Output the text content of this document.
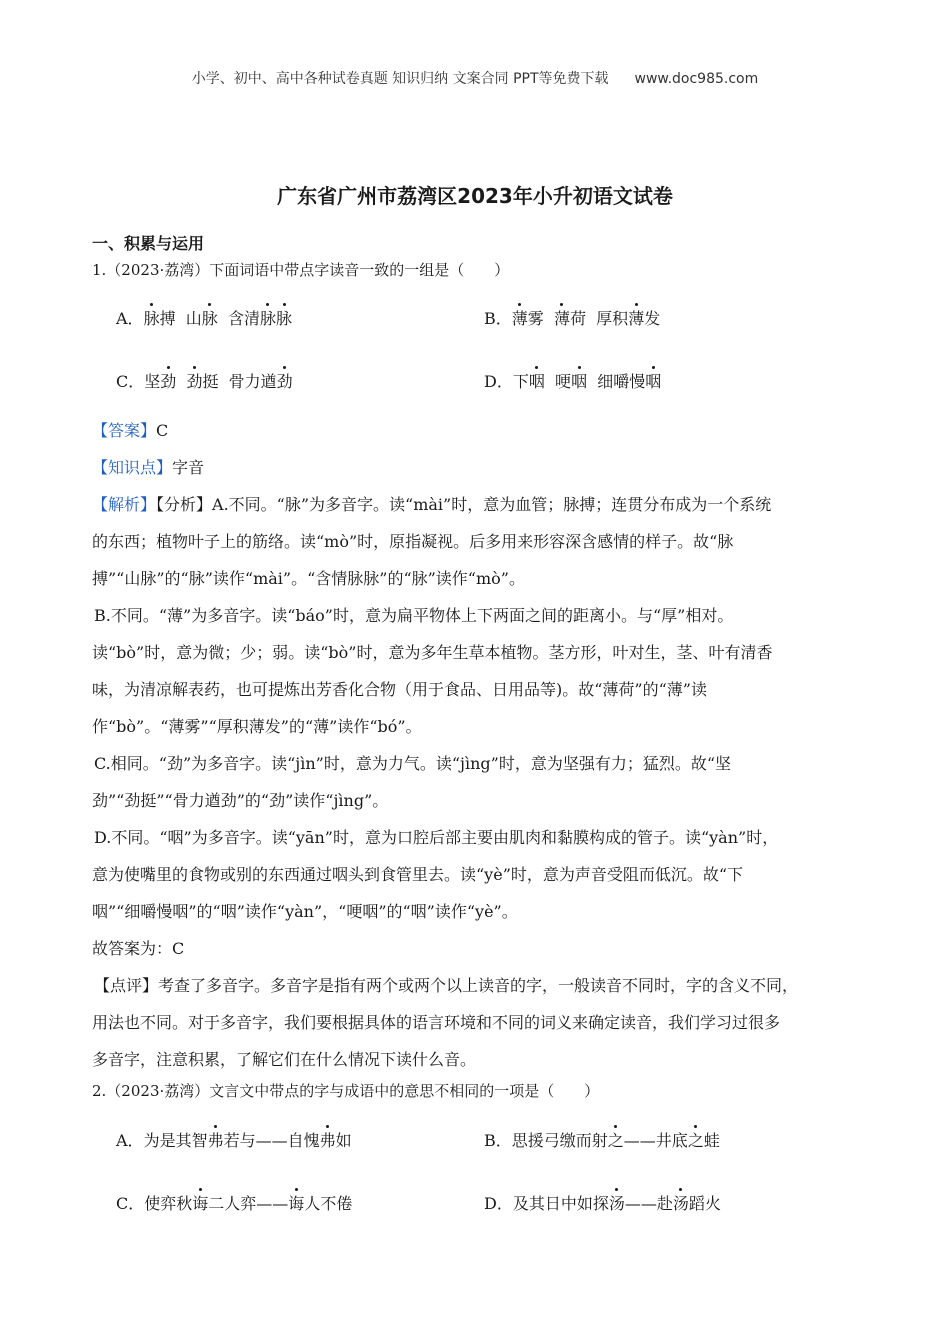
小学、初中、高中各种试卷真题 知识归纳 文案合同 PPT等免费下载 www.doc985.com
广东省广州市荔湾区2023年小升初语文试卷
一、积累与运用
1.（2023·荔湾）下面词语中带点字读音一致的一组是（　　）
A．脉搏 山脉 含清脉脉	B．薄雾 薄荷 厚积薄发
C．坚劲 劲挺 骨力遒劲	D．下咽 哽咽 细嚼慢咽

【答案】C

【知识点】字音

【解析】【分析】A.不同。“脉”为多音字。读“mài”时，意为血管；脉搏；连贯分布成为一个系统

的东西；植物叶子上的筋络。读“mò”时，原指凝视。后多用来形容深含感情的样子。故“脉

搏”“山脉”的“脉”读作“mài”。“含情脉脉”的“脉”读作“mò”。

B.不同。“薄”为多音字。读“báo”时，意为扁平物体上下两面之间的距离小。与“厚”相对。

读“bò”时，意为微；少；弱。读“bò”时，意为多年生草本植物。茎方形，叶对生，茎、叶有清香

味，为清凉解表药，也可提炼出芳香化合物（用于食品、日用品等)。故“薄荷”的“薄”读

作“bò”。“薄雾”“厚积薄发”的“薄”读作“bó”。

C.相同。“劲”为多音字。读“jìn”时，意为力气。读“jìng”时，意为坚强有力；猛烈。故“坚

劲”“劲挺”“骨力遒劲”的“劲”读作“jìng”。

D.不同。“咽”为多音字。读“yān”时，意为口腔后部主要由肌肉和黏膜构成的管子。读“yàn”时，

意为使嘴里的食物或别的东西通过咽头到食管里去。读“yè”时，意为声音受阻而低沉。故“下

咽”“细嚼慢咽”的“咽”读作“yàn”，“哽咽”的“咽”读作“yè”。

故答案为：C

【点评】考查了多音字。多音字是指有两个或两个以上读音的字，一般读音不同时，字的含义不同，

用法也不同。对于多音字，我们要根据具体的语言环境和不同的词义来确定读音，我们学习过很多

多音字，注意积累，了解它们在什么情况下读什么音。

2.（2023·荔湾）文言文中带点的字与成语中的意思不相同的一项是（　　）
A．为是其智弗若与——自愧弗如	B．思援弓缴而射之——井底之蛙
C．使弈秋诲二人弈——诲人不倦	D．及其日中如探汤——赴汤蹈火
